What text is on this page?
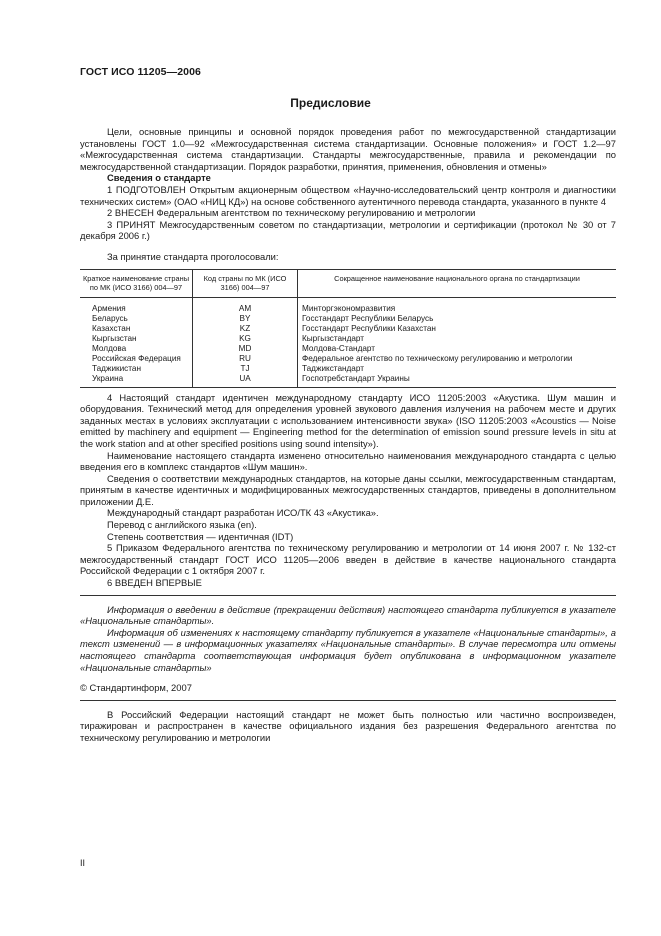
ГОСТ ИСО 11205—2006
Предисловие

Цели, основные принципы и основной порядок проведения работ по межгосударственной стандартизации установлены ГОСТ 1.0—92 «Межгосударственная система стандартизации. Основные положения» и ГОСТ 1.2—97 «Межгосударственная система стандартизации. Стандарты межгосударственные, правила и рекомендации по межгосударственной стандартизации. Порядок разработки, принятия, применения, обновления и отмены»

Сведения о стандарте

1 ПОДГОТОВЛЕН Открытым акционерным обществом «Научно-исследовательский центр контроля и диагностики технических систем» (ОАО «НИЦ КД») на основе собственного аутентичного перевода стандарта, указанного в пункте 4

2 ВНЕСЕН Федеральным агентством по техническому регулированию и метрологии

3 ПРИНЯТ Межгосударственным советом по стандартизации, метрологии и сертификации (протокол № 30 от 7 декабря 2006 г.)

За принятие стандарта проголосовали:

Краткое наименование страны по МК (ИСО 3166) 004—97	Код страны по МК (ИСО 3166) 004—97	Сокращенное наименование национального органа по стандартизации
Армения	AM	Минторгэкономразвития
Беларусь	BY	Госстандарт Республики Беларусь
Казахстан	KZ	Госстандарт Республики Казахстан
Кыргызстан	KG	Кыргызстандарт
Молдова	MD	Молдова-Стандарт
Российская Федерация	RU	Федеральное агентство по техническому регулированию и метрологии
Таджикистан	TJ	Таджикстандарт
Украина	UA	Госпотребстандарт Украины

4 Настоящий стандарт идентичен международному стандарту ИСО 11205:2003 «Акустика. Шум машин и оборудования. Технический метод для определения уровней звукового давления излучения на рабочем месте и других заданных местах в условиях эксплуатации с использованием интенсивности звука» (ISO 11205:2003 «Acoustics — Noise emitted by machinery and equipment — Engineering method for the determination of emission sound pressure levels in situ at the work station and at other specified positions using sound intensity»).

Наименование настоящего стандарта изменено относительно наименования международного стандарта с целью введения его в комплекс стандартов «Шум машин».

Сведения о соответствии международных стандартов, на которые даны ссылки, межгосударственным стандартам, принятым в качестве идентичных и модифицированных межгосударственных стандартов, приведены в дополнительном приложении Д.Е.

Международный стандарт разработан ИСО/ТК 43 «Акустика».

Перевод с английского языка (en).

Степень соответствия — идентичная (IDT)

5 Приказом Федерального агентства по техническому регулированию и метрологии от 14 июня 2007 г. № 132-ст межгосударственный стандарт ГОСТ ИСО 11205—2006 введен в действие в качестве национального стандарта Российской Федерации с 1 октября 2007 г.

6 ВВЕДЕН ВПЕРВЫЕ

Информация о введении в действие (прекращении действия) настоящего стандарта публикуется в указателе «Национальные стандарты».

Информация об изменениях к настоящему стандарту публикуется в указателе «Национальные стандарты», а текст изменений — в информационных указателях «Национальные стандарты». В случае пересмотра или отмены настоящего стандарта соответствующая информация будет опубликована в информационном указателе «Национальные стандарты»

© Стандартинформ, 2007

В Российский Федерации настоящий стандарт не может быть полностью или частично воспроизведен, тиражирован и распространен в качестве официального издания без разрешения Федерального агентства по техническому регулированию и метрологии

II
